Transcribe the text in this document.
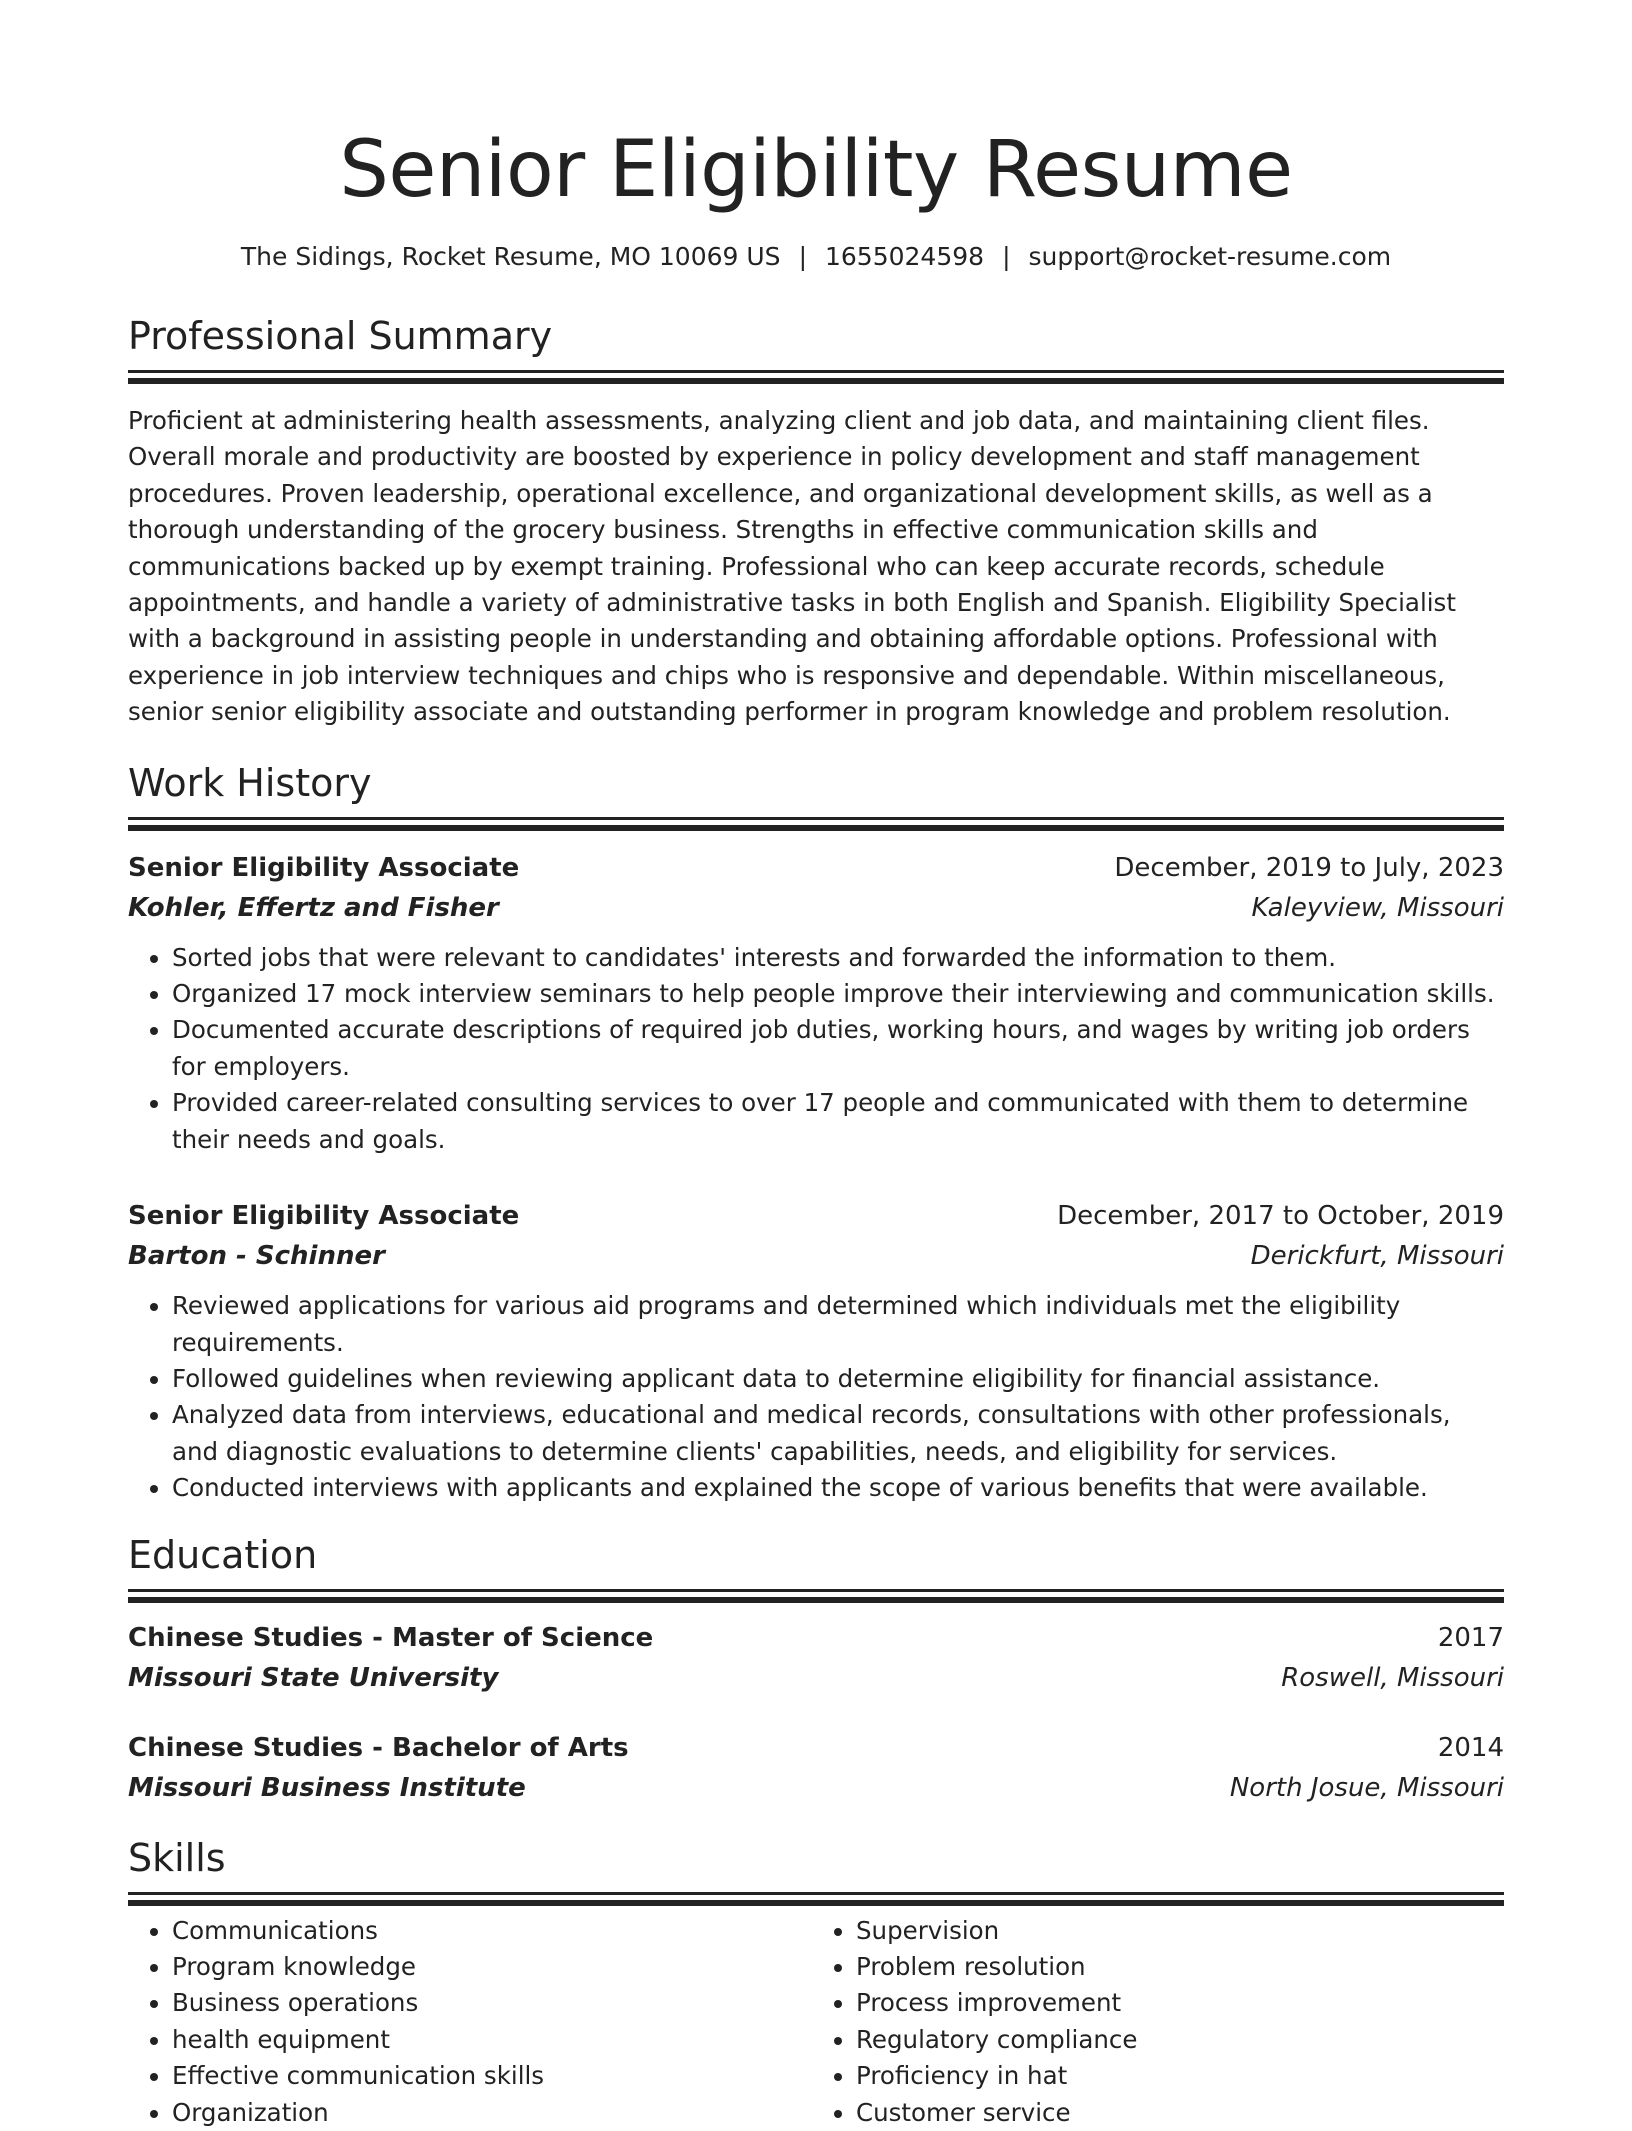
Senior Eligibility Resume
The Sidings, Rocket Resume, MO 10069 US | 1655024598 | support@rocket-resume.com
Professional Summary

Proficient at administering health assessments, analyzing client and job data, and maintaining client files. Overall morale and productivity are boosted by experience in policy development and staff management procedures. Proven leadership, operational excellence, and organizational development skills, as well as a thorough understanding of the grocery business. Strengths in effective communication skills and communications backed up by exempt training. Professional who can keep accurate records, schedule appointments, and handle a variety of administrative tasks in both English and Spanish. Eligibility Specialist with a background in assisting people in understanding and obtaining affordable options. Professional with experience in job interview techniques and chips who is responsive and dependable. Within miscellaneous, senior senior eligibility associate and outstanding performer in program knowledge and problem resolution.

Work History
Senior Eligibility Associate	December, 2019 to July, 2023
Kohler, Effertz and Fisher	Kaleyview, Missouri
• Sorted jobs that were relevant to candidates' interests and forwarded the information to them.
• Organized 17 mock interview seminars to help people improve their interviewing and communication skills.
• Documented accurate descriptions of required job duties, working hours, and wages by writing job orders for employers.
• Provided career-related consulting services to over 17 people and communicated with them to determine their needs and goals.
Senior Eligibility Associate	December, 2017 to October, 2019
Barton - Schinner	Derickfurt, Missouri
• Reviewed applications for various aid programs and determined which individuals met the eligibility requirements.
• Followed guidelines when reviewing applicant data to determine eligibility for financial assistance.
• Analyzed data from interviews, educational and medical records, consultations with other professionals, and diagnostic evaluations to determine clients' capabilities, needs, and eligibility for services.
• Conducted interviews with applicants and explained the scope of various benefits that were available.
Education
Chinese Studies - Master of Science	2017
Missouri State University	Roswell, Missouri
Chinese Studies - Bachelor of Arts	2014
Missouri Business Institute	North Josue, Missouri
Skills
• Communications
• Program knowledge
• Business operations
• health equipment
• Effective communication skills
• Organization
• Supervision
• Problem resolution
• Process improvement
• Regulatory compliance
• Proficiency in hat
• Customer service
